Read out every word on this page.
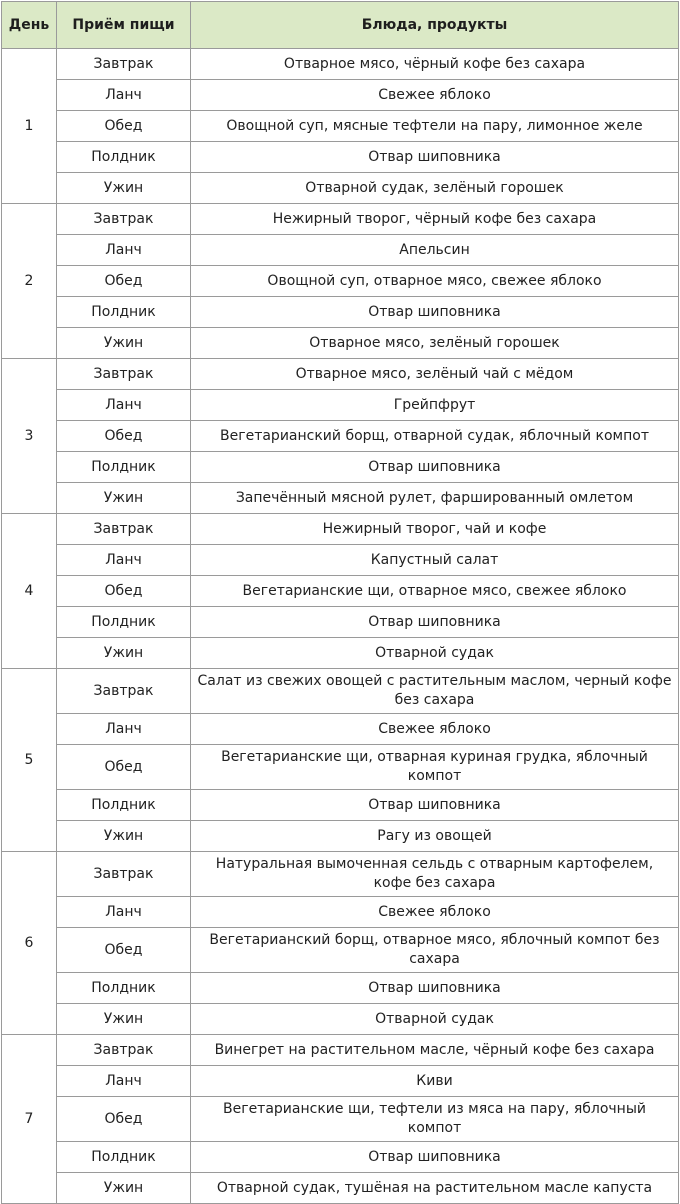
День	Приём пищи	Блюда, продукты
1	Завтрак	Отварное мясо, чёрный кофе без сахара
	Ланч	Свежее яблоко
	Обед	Овощной суп, мясные тефтели на пару, лимонное желе
	Полдник	Отвар шиповника
	Ужин	Отварной судак, зелёный горошек
2	Завтрак	Нежирный творог, чёрный кофе без сахара
	Ланч	Апельсин
	Обед	Овощной суп, отварное мясо, свежее яблоко
	Полдник	Отвар шиповника
	Ужин	Отварное мясо, зелёный горошек
3	Завтрак	Отварное мясо, зелёный чай с мёдом
	Ланч	Грейпфрут
	Обед	Вегетарианский борщ, отварной судак, яблочный компот
	Полдник	Отвар шиповника
	Ужин	Запечённый мясной рулет, фаршированный омлетом
4	Завтрак	Нежирный творог, чай и кофе
	Ланч	Капустный салат
	Обед	Вегетарианские щи, отварное мясо, свежее яблоко
	Полдник	Отвар шиповника
	Ужин	Отварной судак
5	Завтрак	Салат из свежих овощей с растительным маслом, черный кофе без сахара
	Ланч	Свежее яблоко
	Обед	Вегетарианские щи, отварная куриная грудка, яблочный компот
	Полдник	Отвар шиповника
	Ужин	Рагу из овощей
6	Завтрак	Натуральная вымоченная сельдь с отварным картофелем, кофе без сахара
	Ланч	Свежее яблоко
	Обед	Вегетарианский борщ, отварное мясо, яблочный компот без сахара
	Полдник	Отвар шиповника
	Ужин	Отварной судак
7	Завтрак	Винегрет на растительном масле, чёрный кофе без сахара
	Ланч	Киви
	Обед	Вегетарианские щи, тефтели из мяса на пару, яблочный компот
	Полдник	Отвар шиповника
	Ужин	Отварной судак, тушёная на растительном масле капуста
